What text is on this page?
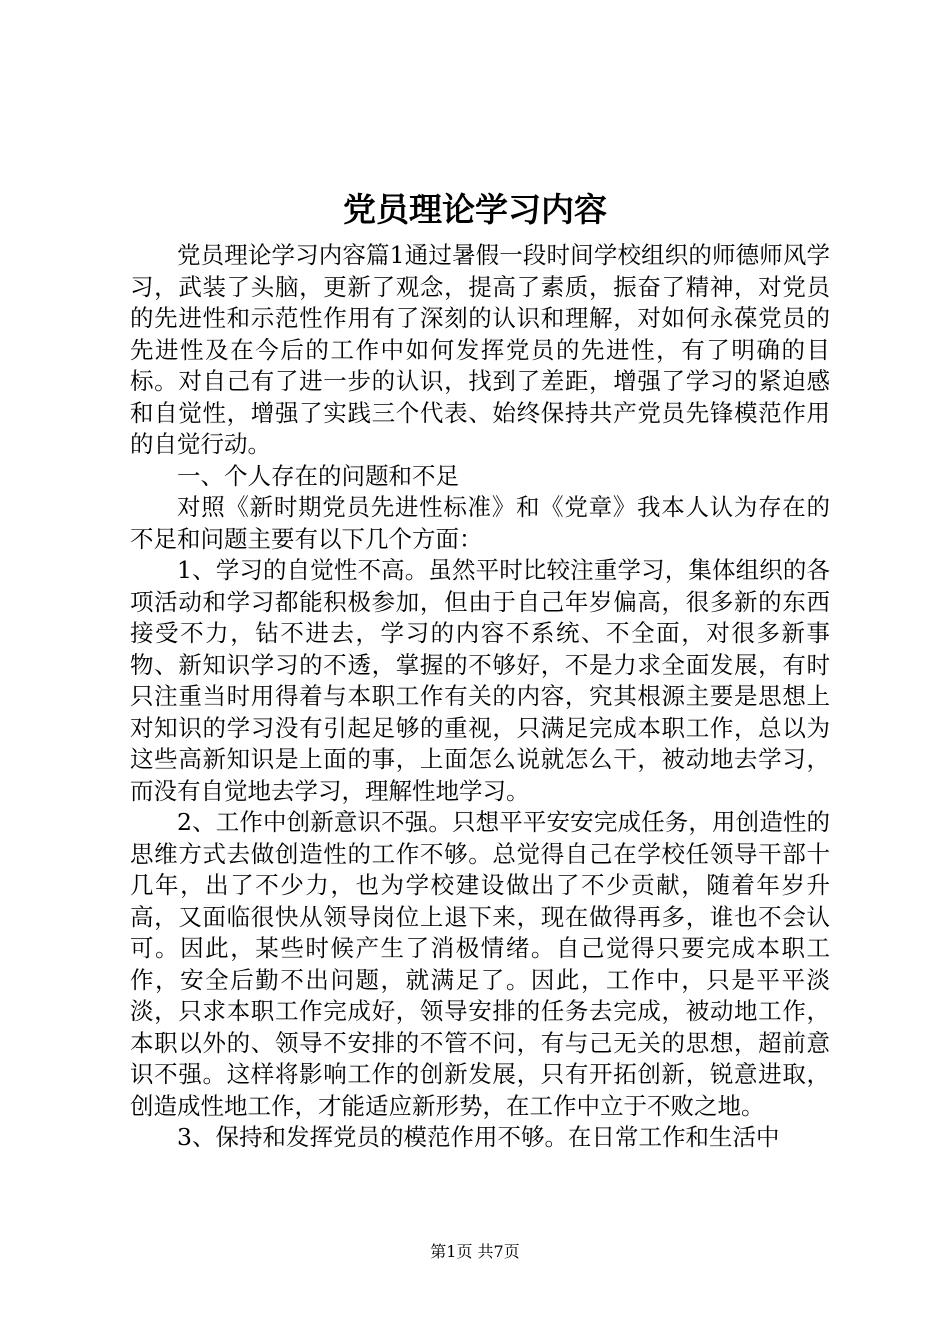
党员理论学习内容

党员理论学习内容篇1通过暑假一段时间学校组织的师德师风学习，武装了头脑，更新了观念，提高了素质，振奋了精神，对党员的先进性和示范性作用有了深刻的认识和理解，对如何永葆党员的先进性及在今后的工作中如何发挥党员的先进性，有了明确的目标。对自己有了进一步的认识，找到了差距，增强了学习的紧迫感和自觉性，增强了实践三个代表、始终保持共产党员先锋模范作用的自觉行动。

一、个人存在的问题和不足

对照《新时期党员先进性标准》和《党章》我本人认为存在的不足和问题主要有以下几个方面：

1、学习的自觉性不高。虽然平时比较注重学习，集体组织的各项活动和学习都能积极参加，但由于自己年岁偏高，很多新的东西接受不力，钻不进去，学习的内容不系统、不全面，对很多新事物、新知识学习的不透，掌握的不够好，不是力求全面发展，有时只注重当时用得着与本职工作有关的内容，究其根源主要是思想上对知识的学习没有引起足够的重视，只满足完成本职工作，总以为这些高新知识是上面的事，上面怎么说就怎么干，被动地去学习，而没有自觉地去学习，理解性地学习。

2、工作中创新意识不强。只想平平安安完成任务，用创造性的思维方式去做创造性的工作不够。总觉得自己在学校任领导干部十几年，出了不少力，也为学校建设做出了不少贡献，随着年岁升高，又面临很快从领导岗位上退下来，现在做得再多，谁也不会认可。因此，某些时候产生了消极情绪。自己觉得只要完成本职工作，安全后勤不出问题，就满足了。因此，工作中，只是平平淡淡，只求本职工作完成好，领导安排的任务去完成，被动地工作，本职以外的、领导不安排的不管不问，有与己无关的思想，超前意识不强。这样将影响工作的创新发展，只有开拓创新，锐意进取，创造成性地工作，才能适应新形势，在工作中立于不败之地。

3、保持和发挥党员的模范作用不够。在日常工作和生活中

第1页 共7页
